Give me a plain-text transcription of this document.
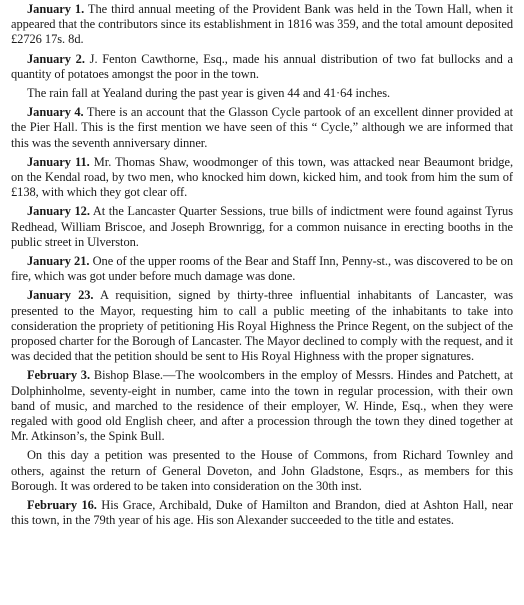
January 1. The third annual meeting of the Provident Bank was held in the Town Hall, when it appeared that the contributors since its establishment in 1816 was 359, and the total amount deposited £2726 17s. 8d.

January 2. J. Fenton Cawthorne, Esq., made his annual distribution of two fat bullocks and a quantity of potatoes amongst the poor in the town.

The rain fall at Yealand during the past year is given 44 and 41·64 inches.

January 4. There is an account that the Glasson Cycle partook of an excellent dinner provided at the Pier Hall. This is the first mention we have seen of this “ Cycle,” although we are informed that this was the seventh anniversary dinner.

January 11. Mr. Thomas Shaw, woodmonger of this town, was attacked near Beaumont bridge, on the Kendal road, by two men, who knocked him down, kicked him, and took from him the sum of £138, with which they got clear off.

January 12. At the Lancaster Quarter Sessions, true bills of indictment were found against Tyrus Redhead, William Briscoe, and Joseph Brownrigg, for a common nuisance in erecting booths in the public street in Ulverston.

January 21. One of the upper rooms of the Bear and Staff Inn, Penny-st., was discovered to be on fire, which was got under before much damage was done.

January 23. A requisition, signed by thirty-three influential inhabitants of Lancaster, was presented to the Mayor, requesting him to call a public meeting of the inhabitants to take into consideration the propriety of petitioning His Royal Highness the Prince Regent, on the subject of the proposed charter for the Borough of Lancaster. The Mayor declined to comply with the request, and it was decided that the petition should be sent to His Royal Highness with the proper signatures.

February 3. Bishop Blase.—The woolcombers in the employ of Messrs. Hindes and Patchett, at Dolphinholme, seventy-eight in number, came into the town in regular procession, with their own band of music, and marched to the residence of their employer, W. Hinde, Esq., when they were regaled with good old English cheer, and after a procession through the town they dined together at Mr. Atkinson’s, the Spink Bull.

On this day a petition was presented to the House of Commons, from Richard Townley and others, against the return of General Doveton, and John Gladstone, Esqrs., as members for this Borough. It was ordered to be taken into consideration on the 30th inst.

February 16. His Grace, Archibald, Duke of Hamilton and Brandon, died at Ashton Hall, near this town, in the 79th year of his age. His son Alexander succeeded to the title and estates.
